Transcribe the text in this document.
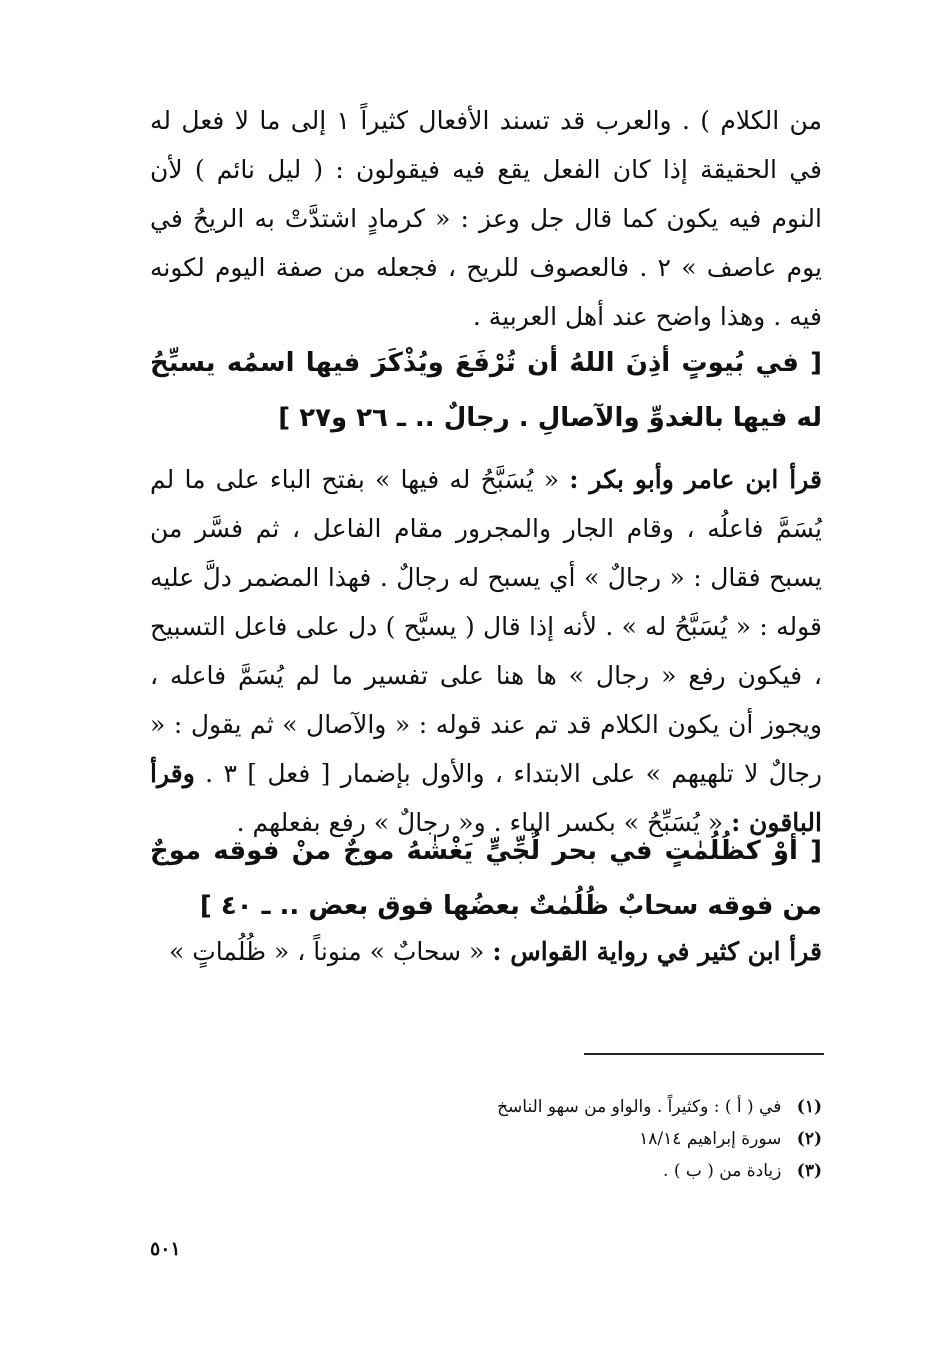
من الكلام ) . والعرب قد تسند الأفعال كثيراً ١ إلى ما لا فعل له في الحقيقة إذا كان الفعل يقع فيه فيقولون : ( ليل نائم ) لأن النوم فيه يكون كما قال جل وعز : « كرمادٍ اشتدَّتْ به الريحُ في يوم عاصف » ٢ . فالعصوف للريح ، فجعله من صفة اليوم لكونه فيه . وهذا واضح عند أهل العربية .

[ في بُيوتٍ أذِنَ اللهُ أن تُرْفَعَ ويُذْكَرَ فيها اسمُه يسبِّحُ له فيها بالغدوِّ والآصالِ . رجالٌ .. ـ ٢٦ و٢٧ ]

قرأ ابن عامر وأبو بكر : « يُسَبَّحُ له فيها » بفتح الباء على ما لم يُسَمَّ فاعلُه ، وقام الجار والمجرور مقام الفاعل ، ثم فسَّر من يسبح فقال : « رجالٌ » أي يسبح له رجالٌ . فهذا المضمر دلَّ عليه قوله : « يُسَبَّحُ له » . لأنه إذا قال ( يسبَّح ) دل على فاعل التسبيح ، فيكون رفع « رجال » ها هنا على تفسير ما لم يُسَمَّ فاعله ، ويجوز أن يكون الكلام قد تم عند قوله : « والآصال » ثم يقول : « رجالٌ لا تلهيهم » على الابتداء ، والأول بإضمار [ فعل ] ٣ . وقرأ الباقون : « يُسَبِّحُ » بكسر الباء . و« رجالٌ » رفع بفعلهم .

[ أوْ كظُلُمٰتٍ في بحر لُجِّيٍّ يَغْشٰهُ موجٌ منْ فوقه موجٌ من فوقه سحابٌ ظُلُمٰتٌ بعضُها فوق بعض .. ـ ٤٠ ]

قرأ ابن كثير في رواية القواس : « سحابٌ » منوناً ، « ظُلُماتٍ »

(١) في ( أ ) : وكثيراً . والواو من سهو الناسخ
(٢) سورة إبراهيم ١٨/١٤
(٣) زيادة من ( ب ) .
٥٠١
